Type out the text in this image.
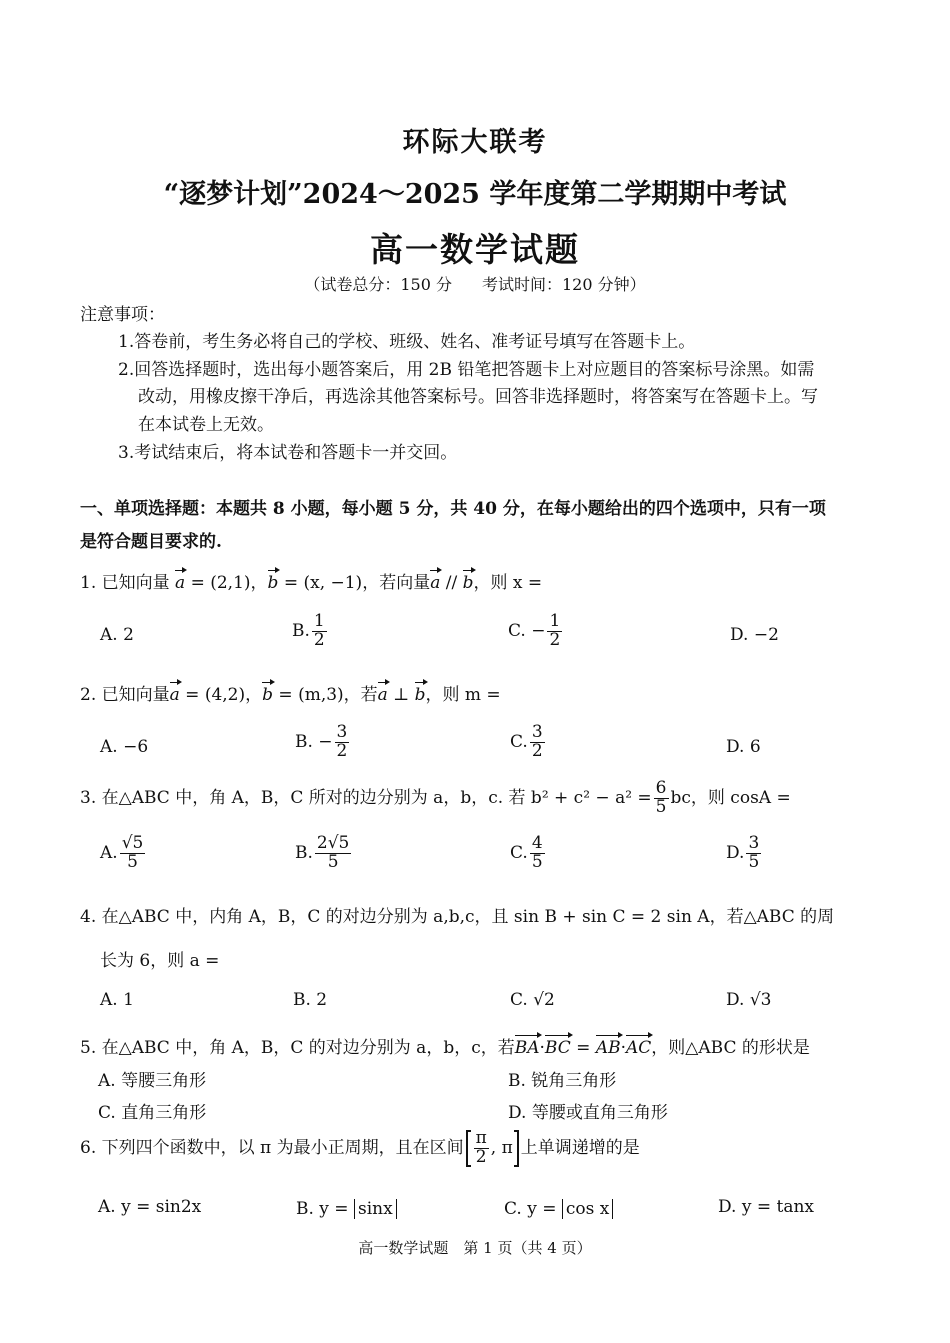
环际大联考
“逐梦计划”2024～2025 学年度第二学期期中考试
高一数学试题
（试卷总分：150 分 考试时间：120 分钟）
注意事项：
1.答卷前，考生务必将自己的学校、班级、姓名、准考证号填写在答题卡上。
2.回答选择题时，选出每小题答案后，用 2B 铅笔把答题卡上对应题目的答案标号涂黑。如需
改动，用橡皮擦干净后，再选涂其他答案标号。回答非选择题时，将答案写在答题卡上。写
在本试卷上无效。
3.考试结束后，将本试卷和答题卡一并交回。
一、单项选择题：本题共 8 小题，每小题 5 分，共 40 分，在每小题给出的四个选项中，只有一项
是符合题目要求的.
1. 已知向量 a = (2,1)，b = (x, −1)，若向量a // b，则 x =
A. 2	B. $\frac{1}{2}$	C. − $\frac{1}{2}$	D. −2
2. 已知向量a = (4,2)，b = (m,3)，若a ⊥ b，则 m =
A. −6	B. − $\frac{3}{2}$	C. $\frac{3}{2}$	D. 6
3. 在△ABC 中，角 A，B，C 所对的边分别为 a，b，c. 若 $b^2 + c^2 - a^2 = \frac{6}{5}$ bc，则 cosA =
A. $\frac{√5}{5}$	B. $\frac{2√5}{5}$	C. $\frac{4}{5}$	D. $\frac{3}{5}$
4. 在△ABC 中，内角 A，B，C 的对边分别为 a,b,c，且 sin B + sin C = 2 sin A，若△ABC 的周
长为 6，则 a =
A. 1	B. 2	C. √2	D. √3
5. 在△ABC 中，角 A，B，C 的对边分别为 a，b，c，若BA·BC = AB·AC，则△ABC 的形状是
A. 等腰三角形	B. 锐角三角形
C. 直角三角形	D. 等腰或直角三角形
6. 下列四个函数中，以 π 为最小正周期，且在区间 $\frac{\pi}{2}$ , π 上单调递增的是
A. y = sin2x	B. y = sinx	C. y = cos x	D. y = tanx
高一数学试题　第 1 页（共 4 页）
